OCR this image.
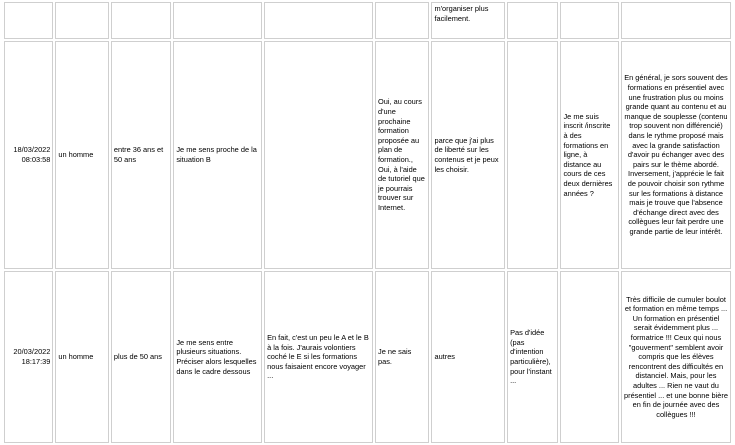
						m'organiser plus facilement.			
18/03/2022
08:03:58	un homme	entre 36 ans et 50 ans	Je me sens proche de la situation B		Oui, au cours d'une prochaine formation proposée au plan de formation., Oui, à l'aide de tutoriel que je pourrais trouver sur Internet.	parce que j'ai plus de liberté sur les contenus et je peux les choisir.		Je me suis inscrit /inscrite à des formations en ligne, à distance au cours de ces deux dernières années ?	En général, je sors souvent des formations en présentiel avec une frustration plus ou moins grande quant au contenu et au manque de souplesse (contenu trop souvent non différencié) dans le rythme proposé mais avec la grande satisfaction d'avoir pu échanger avec des pairs sur le thème abordé. Inversement, j'apprécie le fait de pouvoir choisir son rythme sur les formations à distance mais je trouve que l'absence d'échange direct avec des collègues leur fait perdre une grande partie de leur intérêt.
20/03/2022
18:17:39	un homme	plus de 50 ans	Je me sens entre plusieurs situations. Préciser alors lesquelles dans le cadre dessous	En fait, c'est un peu le A et le B à la fois. J'aurais volontiers coché le E si les formations nous faisaient encore voyager ...	Je ne sais pas.	autres	Pas d'idée (pas d'intention particulière), pour l'instant ...		Très difficile de cumuler boulot et formation en même temps ... Un formation en présentiel serait évidemment plus ... formatrice !!! Ceux qui nous "gouverment" semblent avoir compris que les élèves rencontrent des difficultés en distanciel. Mais, pour les adultes ... Rien ne vaut du présentiel ... et une bonne bière en fin de journée avec des collègues !!!
